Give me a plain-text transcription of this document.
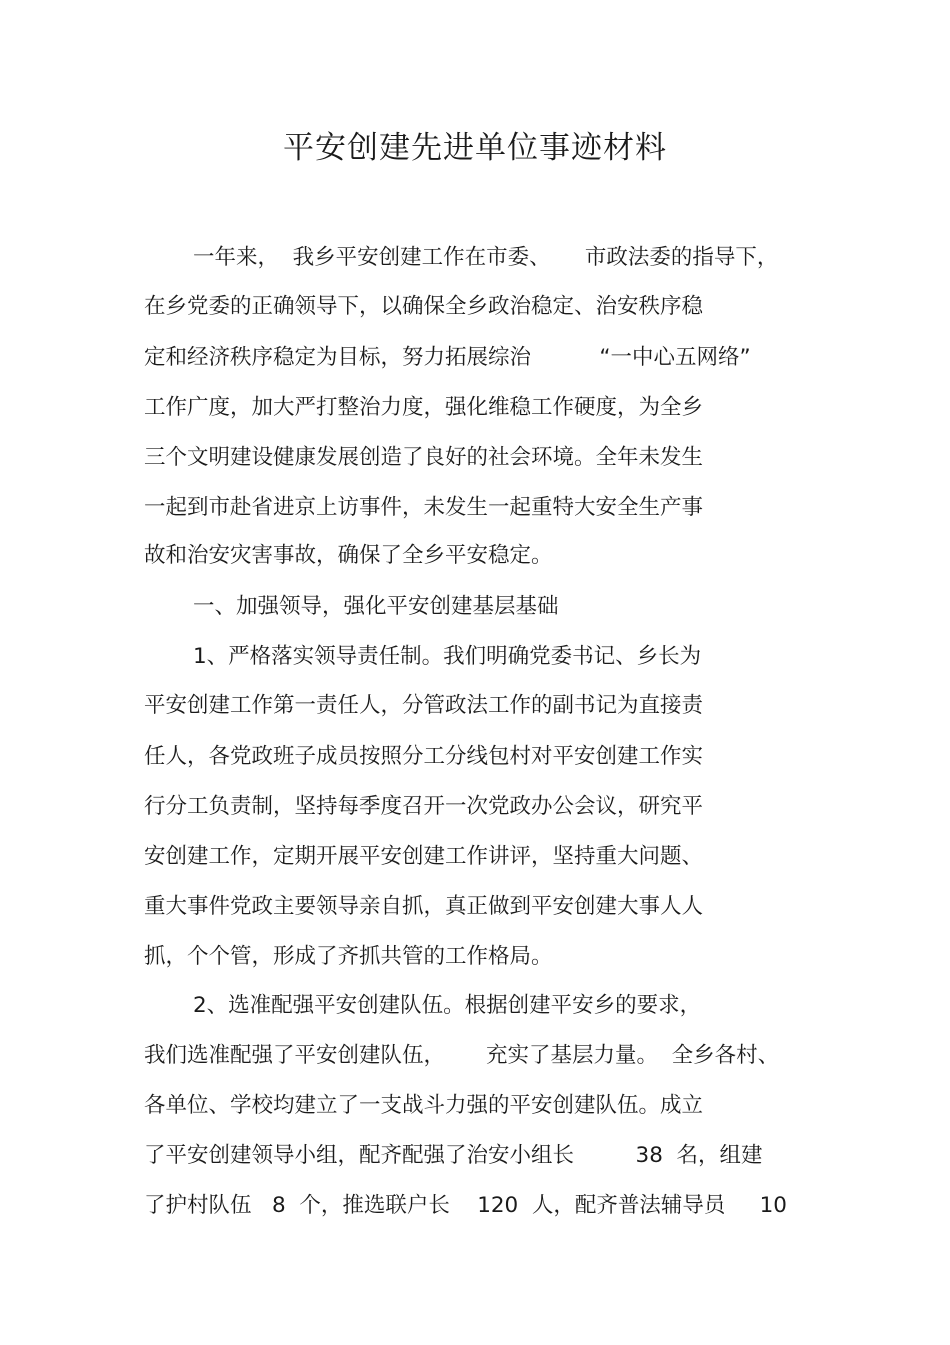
平安创建先进单位事迹材料
一年来，  我乡平安创建工作在市委、     市政法委的指导下，
在乡党委的正确领导下，以确保全乡政治稳定、治安秩序稳
定和经济秩序稳定为目标，努力拓展综治          “一中心五网络”
工作广度，加大严打整治力度，强化维稳工作硬度，为全乡
三个文明建设健康发展创造了良好的社会环境。全年未发生
一起到市赴省进京上访事件，未发生一起重特大安全生产事
故和治安灾害事故，确保了全乡平安稳定。
一、加强领导，强化平安创建基层基础
1、严格落实领导责任制。我们明确党委书记、乡长为
平安创建工作第一责任人，分管政法工作的副书记为直接责
任人，各党政班子成员按照分工分线包村对平安创建工作实
行分工负责制，坚持每季度召开一次党政办公会议，研究平
安创建工作，定期开展平安创建工作讲评，坚持重大问题、
重大事件党政主要领导亲自抓，真正做到平安创建大事人人
抓，个个管，形成了齐抓共管的工作格局。
2、选准配强平安创建队伍。根据创建平安乡的要求，
我们选准配强了平安创建队伍，      充实了基层力量。  全乡各村、
各单位、学校均建立了一支战斗力强的平安创建队伍。成立
了平安创建领导小组，配齐配强了治安小组长         38  名，组建
了护村队伍   8  个，推选联户长    120  人，配齐普法辅导员     10
